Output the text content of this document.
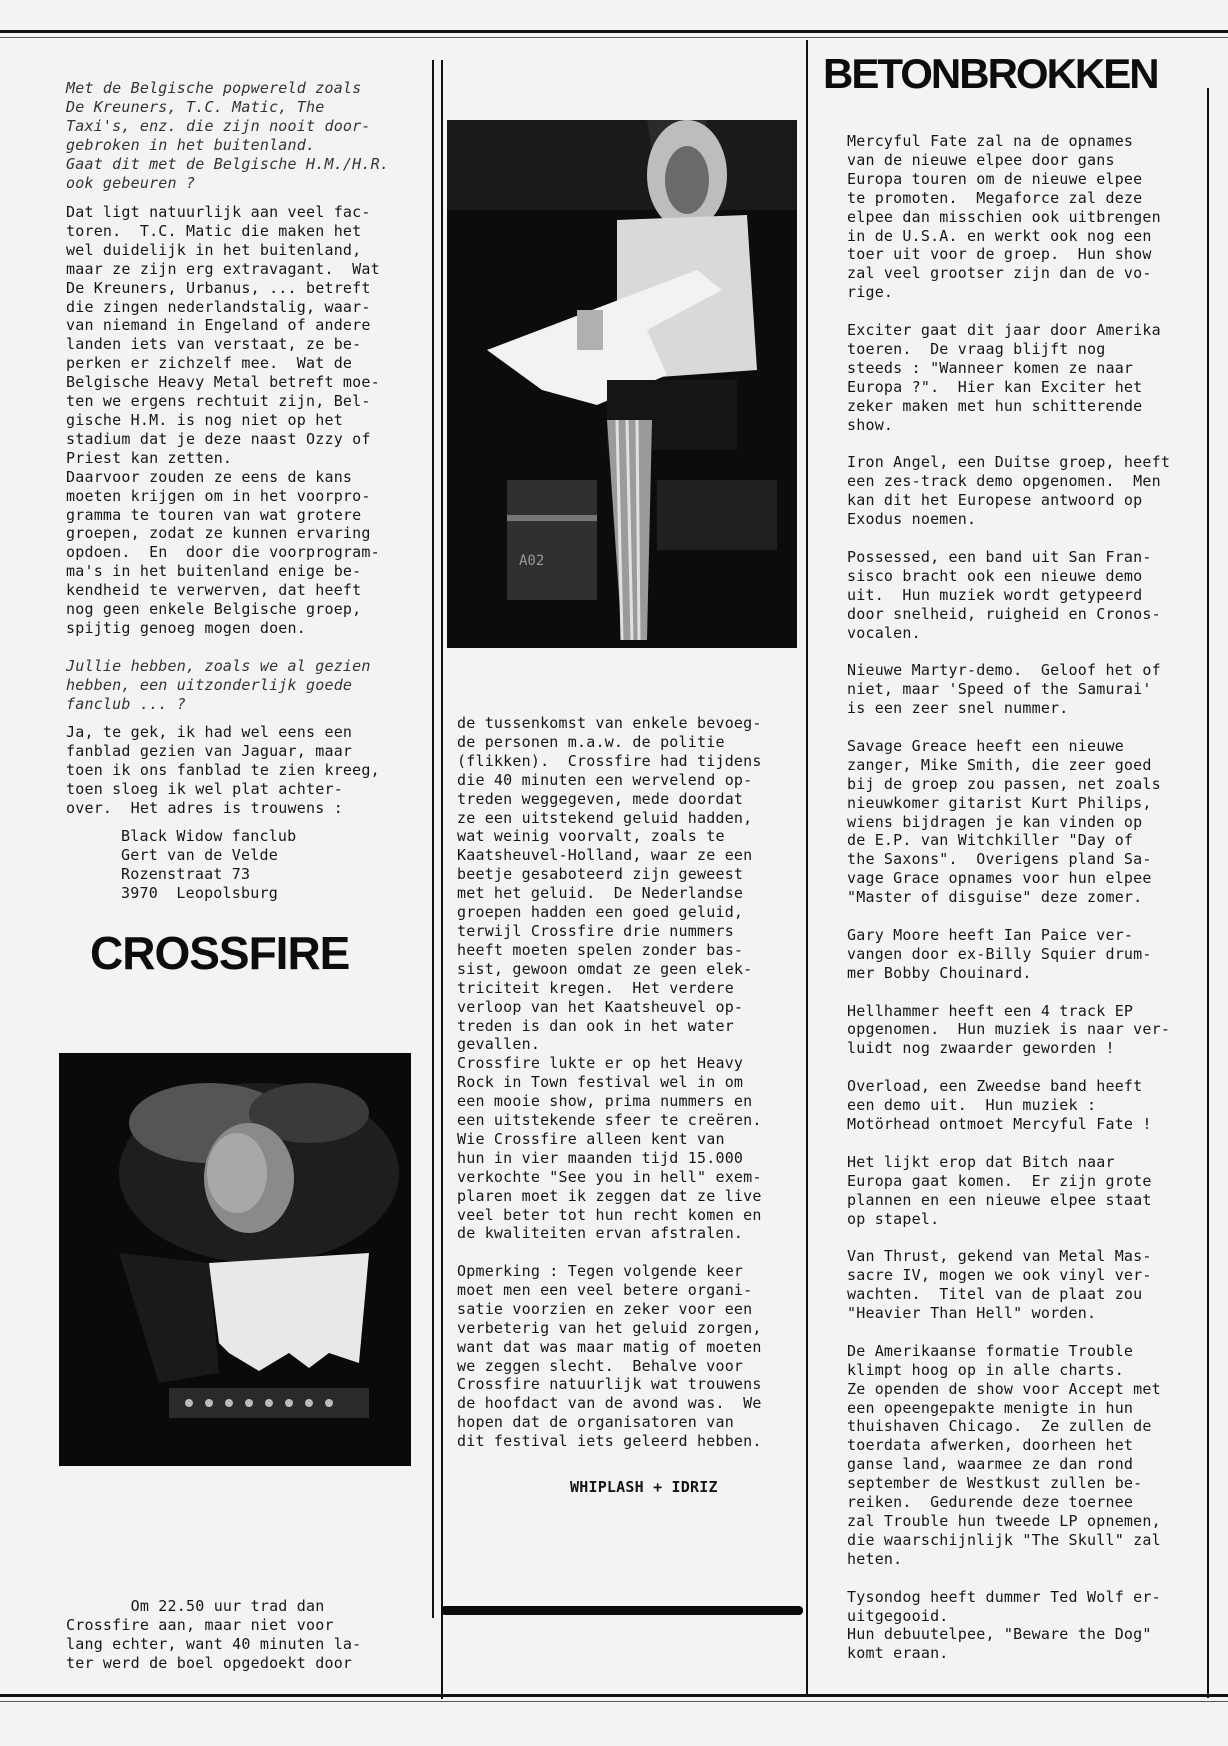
Met de Belgische popwereld zoals

De Kreuners, T.C. Matic, The

Taxi's, enz. die zijn nooit door-

gebroken in het buitenland.

Gaat dit met de Belgische H.M./H.R.

ook gebeuren ?

Dat ligt natuurlijk aan veel fac-

toren.  T.C. Matic die maken het

wel duidelijk in het buitenland,

maar ze zijn erg extravagant.  Wat

De Kreuners, Urbanus, ... betreft

die zingen nederlandstalig, waar-

van niemand in Engeland of andere

landen iets van verstaat, ze be-

perken er zichzelf mee.  Wat de

Belgische Heavy Metal betreft moe-

ten we ergens rechtuit zijn, Bel-

gische H.M. is nog niet op het

stadium dat je deze naast Ozzy of

Priest kan zetten.

Daarvoor zouden ze eens de kans

moeten krijgen om in het voorpro-

gramma te touren van wat grotere

groepen, zodat ze kunnen ervaring

opdoen.  En  door die voorprogram-

ma's in het buitenland enige be-

kendheid te verwerven, dat heeft

nog geen enkele Belgische groep,

spijtig genoeg mogen doen.

Jullie hebben, zoals we al gezien

hebben, een uitzonderlijk goede

fanclub ... ?

Ja, te gek, ik had wel eens een

fanblad gezien van Jaguar, maar

toen ik ons fanblad te zien kreeg,

toen sloeg ik wel plat achter-

over.  Het adres is trouwens :

Black Widow fanclub

Gert van de Velde

Rozenstraat 73

3970  Leopolsburg

CROSSFIRE

Om 22.50 uur trad dan

Crossfire aan, maar niet voor

lang echter, want 40 minuten la-

ter werd de boel opgedoekt door

A02

de tussenkomst van enkele bevoeg-

de personen m.a.w. de politie

(flikken).  Crossfire had tijdens

die 40 minuten een wervelend op-

treden weggegeven, mede doordat

ze een uitstekend geluid hadden,

wat weinig voorvalt, zoals te

Kaatsheuvel-Holland, waar ze een

beetje gesaboteerd zijn geweest

met het geluid.  De Nederlandse

groepen hadden een goed geluid,

terwijl Crossfire drie nummers

heeft moeten spelen zonder bas-

sist, gewoon omdat ze geen elek-

triciteit kregen.  Het verdere

verloop van het Kaatsheuvel op-

treden is dan ook in het water

gevallen.

Crossfire lukte er op het Heavy

Rock in Town festival wel in om

een mooie show, prima nummers en

een uitstekende sfeer te creëren.

Wie Crossfire alleen kent van

hun in vier maanden tijd 15.000

verkochte "See you in hell" exem-

plaren moet ik zeggen dat ze live

veel beter tot hun recht komen en

de kwaliteiten ervan afstralen.

Opmerking : Tegen volgende keer

moet men een veel betere organi-

satie voorzien en zeker voor een

verbeterig van het geluid zorgen,

want dat was maar matig of moeten

we zeggen slecht.  Behalve voor

Crossfire natuurlijk wat trouwens

de hoofdact van de avond was.  We

hopen dat de organisatoren van

dit festival iets geleerd hebben.

WHIPLASH + IDRIZ
BETONBROKKEN

Mercyful Fate zal na de opnames

van de nieuwe elpee door gans

Europa touren om de nieuwe elpee

te promoten.  Megaforce zal deze

elpee dan misschien ook uitbrengen

in de U.S.A. en werkt ook nog een

toer uit voor de groep.  Hun show

zal veel grootser zijn dan de vo-

rige.

Exciter gaat dit jaar door Amerika

toeren.  De vraag blijft nog

steeds : "Wanneer komen ze naar

Europa ?".  Hier kan Exciter het

zeker maken met hun schitterende

show.

Iron Angel, een Duitse groep, heeft

een zes-track demo opgenomen.  Men

kan dit het Europese antwoord op

Exodus noemen.

Possessed, een band uit San Fran-

sisco bracht ook een nieuwe demo

uit.  Hun muziek wordt getypeerd

door snelheid, ruigheid en Cronos-

vocalen.

Nieuwe Martyr-demo.  Geloof het of

niet, maar 'Speed of the Samurai'

is een zeer snel nummer.

Savage Greace heeft een nieuwe

zanger, Mike Smith, die zeer goed

bij de groep zou passen, net zoals

nieuwkomer gitarist Kurt Philips,

wiens bijdragen je kan vinden op

de E.P. van Witchkiller "Day of

the Saxons".  Overigens pland Sa-

vage Grace opnames voor hun elpee

"Master of disguise" deze zomer.

Gary Moore heeft Ian Paice ver-

vangen door ex-Billy Squier drum-

mer Bobby Chouinard.

Hellhammer heeft een 4 track EP

opgenomen.  Hun muziek is naar ver-

luidt nog zwaarder geworden !

Overload, een Zweedse band heeft

een demo uit.  Hun muziek :

Motörhead ontmoet Mercyful Fate !

Het lijkt erop dat Bitch naar

Europa gaat komen.  Er zijn grote

plannen en een nieuwe elpee staat

op stapel.

Van Thrust, gekend van Metal Mas-

sacre IV, mogen we ook vinyl ver-

wachten.  Titel van de plaat zou

"Heavier Than Hell" worden.

De Amerikaanse formatie Trouble

klimpt hoog op in alle charts.

Ze openden de show voor Accept met

een opeengepakte menigte in hun

thuishaven Chicago.  Ze zullen de

toerdata afwerken, doorheen het

ganse land, waarmee ze dan rond

september de Westkust zullen be-

reiken.  Gedurende deze toernee

zal Trouble hun tweede LP opnemen,

die waarschijnlijk "The Skull" zal

heten.

Tysondog heeft dummer Ted Wolf er-

uitgegooid.

Hun debuutelpee, "Beware the Dog"

komt eraan.
